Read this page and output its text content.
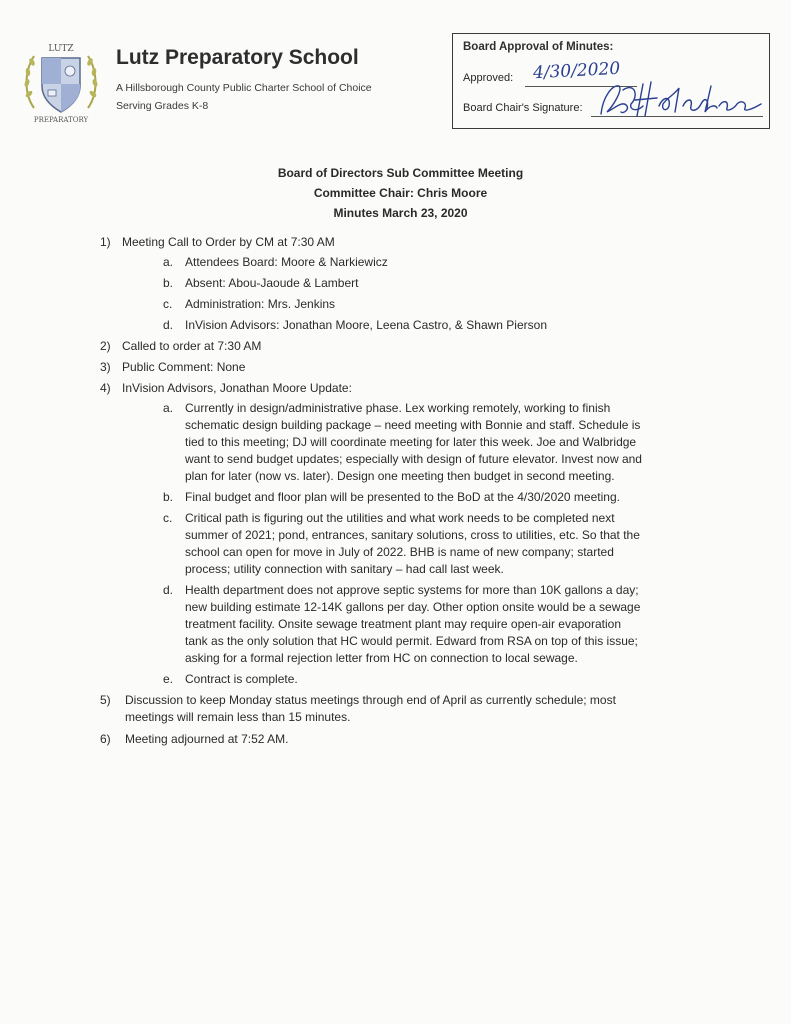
LUTZ
PREPARATORY
Lutz Preparatory School
A Hillsborough County Public Charter School of Choice
Serving Grades K-8
Board Approval of Minutes:
Approved: 4/30/2020
Board Chair's Signature:
Board of Directors Sub Committee Meeting
Committee Chair: Chris Moore
Minutes March 23, 2020
1) Meeting Call to Order by CM at 7:30 AM
a. Attendees Board: Moore & Narkiewicz
b. Absent: Abou-Jaoude & Lambert
c. Administration: Mrs. Jenkins
d. InVision Advisors: Jonathan Moore, Leena Castro, & Shawn Pierson
2) Called to order at 7:30 AM
3) Public Comment: None
4) InVision Advisors, Jonathan Moore Update:
a. Currently in design/administrative phase. Lex working remotely, working to finish
schematic design building package – need meeting with Bonnie and staff. Schedule is
tied to this meeting; DJ will coordinate meeting for later this week. Joe and Walbridge
want to send budget updates; especially with design of future elevator. Invest now and
plan for later (now vs. later). Design one meeting then budget in second meeting.
b. Final budget and floor plan will be presented to the BoD at the 4/30/2020 meeting.
c. Critical path is figuring out the utilities and what work needs to be completed next
summer of 2021; pond, entrances, sanitary solutions, cross to utilities, etc. So that the
school can open for move in July of 2022. BHB is name of new company; started
process; utility connection with sanitary – had call last week.
d. Health department does not approve septic systems for more than 10K gallons a day;
new building estimate 12-14K gallons per day. Other option onsite would be a sewage
treatment facility. Onsite sewage treatment plant may require open-air evaporation
tank as the only solution that HC would permit. Edward from RSA on top of this issue;
asking for a formal rejection letter from HC on connection to local sewage.
e. Contract is complete.
5) Discussion to keep Monday status meetings through end of April as currently schedule; most
meetings will remain less than 15 minutes.
6) Meeting adjourned at 7:52 AM.
